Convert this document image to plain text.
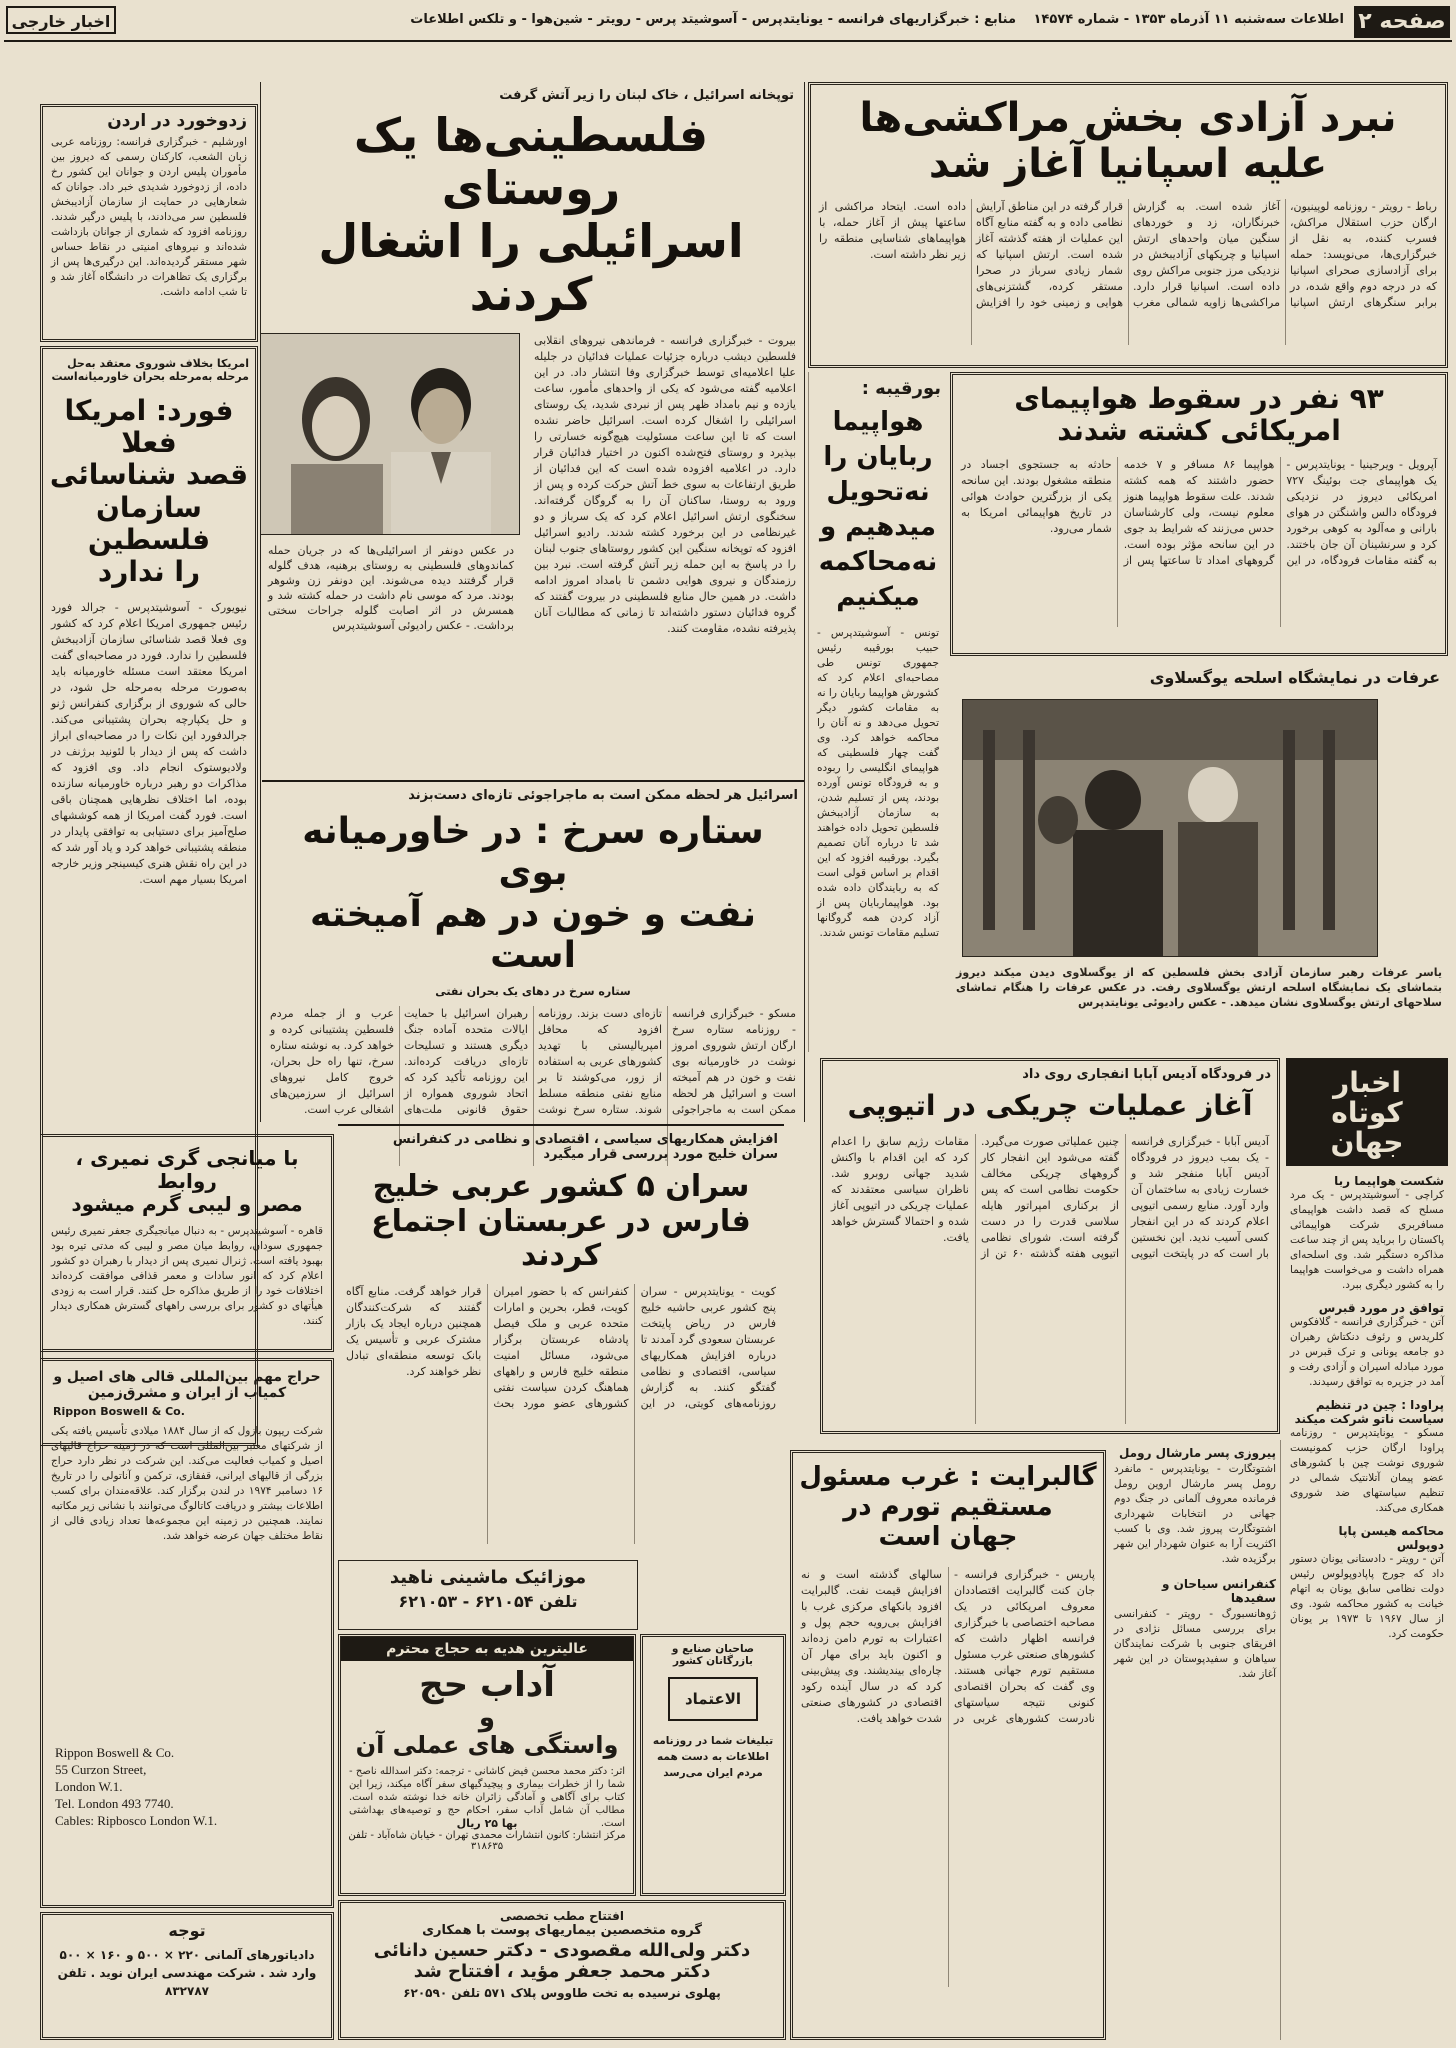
صفحه ۲
اطلاعات سه‌شنبه ۱۱ آذرماه ۱۳۵۳ - شماره ۱۴۵۷۴
منابع : خبرگزاریهای فرانسه - یونایتدپرس - آسوشیتد پرس - رویتر - شین‌هوا - و تلکس اطلاعات
اخبار خارجی
نبرد آزادی بخش مراکشی‌ها
علیه اسپانیا آغاز شد
رباط - رویتر - روزنامه لوپینیون، ارگان حزب استقلال مراکش، فسرب کننده، به نقل از خبرگزاری‌ها، می‌نویسد: حمله برای آزادسازی صحرای اسپانیا که در درجه دوم واقع شده، در برابر سنگرهای ارتش اسپانیا آغاز شده است. به گزارش خبرنگاران، زد و خوردهای سنگین میان واحدهای ارتش اسپانیا و چریکهای آزادیبخش در نزدیکی مرز جنوبی مراکش روی داده است. اسپانیا قرار دارد. مراکشی‌ها زاویه شمالی مغرب قرار گرفته در این مناطق آرایش نظامی داده و به گفته منابع آگاه این عملیات از هفته گذشته آغاز شده است. ارتش اسپانیا که شمار زیادی سرباز در صحرا مستقر کرده، گشتزنی‌های هوایی و زمینی خود را افزایش داده است. ایتحاد مراکشی از ساعتها پیش از آغاز حمله، با هواپیماهای شناسایی منطقه را زیر نظر داشته است.
توپخانه اسرائیل ، خاک لبنان را زیر آتش گرفت
فلسطینی‌ها یک روستای
اسرائیلی را اشغال کردند
بیروت - خبرگزاری فرانسه - فرماندهی نیروهای انقلابی فلسطین دیشب درباره جزئیات عملیات فدائیان در جلیله علیا اعلامیه‌ای توسط خبرگزاری وفا انتشار داد. در این اعلامیه گفته می‌شود که یکی از واحدهای مأمور، ساعت یازده و نیم بامداد ظهر پس از نبردی شدید، یک روستای اسرائیلی را اشغال کرده است. اسرائیل حاضر نشده است که تا این ساعت مسئولیت هیچ‌گونه خسارتی را بپذیرد و روستای فتح‌شده اکنون در اختیار فدائیان قرار دارد. در اعلامیه افزوده شده است که این فدائیان از طریق ارتفاعات به سوی خط آتش حرکت کرده و پس از ورود به روستا، ساکنان آن را به گروگان گرفته‌اند. سخنگوی ارتش اسرائیل اعلام کرد که یک سرباز و دو غیرنظامی در این برخورد کشته شدند. رادیو اسرائیل افزود که توپخانه سنگین این کشور روستاهای جنوب لبنان را در پاسخ به این حمله زیر آتش گرفته است. نبرد بین رزمندگان و نیروی هوایی دشمن تا بامداد امروز ادامه داشت. در همین حال منابع فلسطینی در بیروت گفتند که گروه فدائیان دستور داشته‌اند تا زمانی که مطالبات آنان پذیرفته نشده، مقاومت کنند.
در عکس دونفر از اسرائیلی‌ها که در جریان حمله کماندوهای فلسطینی به روستای برهنیه، هدف گلوله قرار گرفتند دیده می‌شوند. این دونفر زن وشوهر بودند. مرد که موسی نام داشت در حمله کشته شد و همسرش در اثر اصابت گلوله جراحات سختی برداشت. - عکس رادیوئی آسوشیتدپرس
زدوخورد در اردن
اورشلیم - خبرگزاری فرانسه: روزنامه عربی زبان الشعب، کارکنان رسمی که دیروز بین مأموران پلیس اردن و جوانان این کشور رخ داده، از زدوخورد شدیدی خبر داد. جوانان که شعارهایی در حمایت از سازمان آزادیبخش فلسطین سر می‌دادند، با پلیس درگیر شدند. روزنامه افزود که شماری از جوانان بازداشت شده‌اند و نیروهای امنیتی در نقاط حساس شهر مستقر گردیده‌اند. این درگیری‌ها پس از برگزاری یک تظاهرات در دانشگاه آغاز شد و تا شب ادامه داشت.
امریکا بخلاف شوروی معتقد به‌حل
مرحله به‌مرحله بحران خاورمیانه‌است
فورد: امریکا فعلا
قصد شناسائی
سازمان فلسطین
را ندارد
نیویورک - آسوشیتدپرس - جرالد فورد رئیس جمهوری امریکا اعلام کرد که کشور وی فعلا قصد شناسائی سازمان آزادیبخش فلسطین را ندارد. فورد در مصاحبه‌ای گفت امریکا معتقد است مسئله خاورمیانه باید به‌صورت مرحله به‌مرحله حل شود، در حالی که شوروی از برگزاری کنفرانس ژنو و حل یکپارچه بحران پشتیبانی می‌کند. جرالدفورد این نکات را در مصاحبه‌ای ابراز داشت که پس از دیدار با لئونید برژنف در ولادیوستوک انجام داد. وی افزود که مذاکرات دو رهبر درباره خاورمیانه سازنده بوده، اما اختلاف نظرهایی همچنان باقی است. فورد گفت امریکا از همه کوششهای صلح‌آمیز برای دستیابی به توافقی پایدار در منطقه پشتیبانی خواهد کرد و یاد آور شد که در این راه نقش هنری کیسینجر وزیر خارجه امریکا بسیار مهم است.
بورقیبه :
هواپیما ربایان را نه‌تحویل میدهیم و نه‌محاکمه میکنیم
تونس - آسوشیتدپرس - حبیب بورقیبه رئیس جمهوری تونس طی مصاحبه‌ای اعلام کرد که کشورش هواپیما ربایان را نه به مقامات کشور دیگر تحویل می‌دهد و نه آنان را محاکمه خواهد کرد. وی گفت چهار فلسطینی که هواپیمای انگلیسی را ربوده و به فرودگاه تونس آورده بودند، پس از تسلیم شدن، به سازمان آزادیبخش فلسطین تحویل داده خواهند شد تا درباره آنان تصمیم بگیرد. بورقیبه افزود که این اقدام بر اساس قولی است که به ربایندگان داده شده بود. هواپیماربایان پس از آزاد کردن همه گروگانها تسلیم مقامات تونس شدند.
۹۳ نفر در سقوط هواپیمای
امریکائی کشته شدند
آپرویل - ویرجینیا - یونایتدپرس - یک هواپیمای جت بوئینگ ۷۲۷ امریکائی دیروز در نزدیکی فرودگاه دالس واشنگتن در هوای بارانی و مه‌آلود به کوهی برخورد کرد و سرنشینان آن جان باختند. به گفته مقامات فرودگاه، در این هواپیما ۸۶ مسافر و ۷ خدمه حضور داشتند که همه کشته شدند. علت سقوط هواپیما هنوز معلوم نیست، ولی کارشناسان حدس می‌زنند که شرایط بد جوی در این سانحه مؤثر بوده است. گروههای امداد تا ساعتها پس از حادثه به جستجوی اجساد در منطقه مشغول بودند. این سانحه یکی از بزرگترین حوادث هوائی در تاریخ هواپیمائی امریکا به شمار می‌رود.
عرفات در نمایشگاه اسلحه یوگسلاوی
یاسر عرفات رهبر سازمان آزادی بخش فلسطین که از یوگسلاوی دیدن میکند دیروز بتماشای یک نمایشگاه اسلحه ارتش یوگسلاوی رفت. در عکس عرفات را هنگام تماشای سلاحهای ارتش یوگسلاوی نشان میدهد. - عکس رادیوئی یونایتدپرس
اسرائیل هر لحظه ممکن است به ماجراجوئی تازه‌ای دست‌بزند
ستاره سرخ : در خاورمیانه بوی
نفت و خون در هم آمیخته است
ستاره سرخ در دهای یک بحران نفتی
مسکو - خبرگزاری فرانسه - روزنامه ستاره سرخ ارگان ارتش شوروی امروز نوشت در خاورمیانه بوی نفت و خون در هم آمیخته است و اسرائیل هر لحظه ممکن است به ماجراجوئی تازه‌ای دست بزند. روزنامه افزود که محافل امپریالیستی با تهدید کشورهای عربی به استفاده از زور، می‌کوشند تا بر منابع نفتی منطقه مسلط شوند. ستاره سرخ نوشت رهبران اسرائیل با حمایت ایالات متحده آماده جنگ دیگری هستند و تسلیحات تازه‌ای دریافت کرده‌اند. این روزنامه تأکید کرد که اتحاد شوروی همواره از حقوق قانونی ملت‌های عرب و از جمله مردم فلسطین پشتیبانی کرده و خواهد کرد. به نوشته ستاره سرخ، تنها راه حل بحران، خروج کامل نیروهای اسرائیل از سرزمین‌های اشغالی عرب است.
در فرودگاه آدیس آبابا انفجاری روی داد
آغاز عملیات چریکی در اتیوپی
آدیس آبابا - خبرگزاری فرانسه - یک بمب دیروز در فرودگاه آدیس آبابا منفجر شد و خسارت زیادی به ساختمان آن وارد آورد. منابع رسمی اتیوپی اعلام کردند که در این انفجار کسی آسیب ندید. این نخستین بار است که در پایتخت اتیوپی چنین عملیاتی صورت می‌گیرد. گفته می‌شود این انفجار کار گروههای چریکی مخالف حکومت نظامی است که پس از برکناری امپراتور هایله سلاسی قدرت را در دست گرفته است. شورای نظامی اتیوپی هفته گذشته ۶۰ تن از مقامات رژیم سابق را اعدام کرد که این اقدام با واکنش شدید جهانی روبرو شد. ناظران سیاسی معتقدند که عملیات چریکی در اتیوپی آغاز شده و احتمالا گسترش خواهد یافت.
اخبار
کوتاه
جهان
شکست هواپیما ربا
کراچی - آسوشیتدپرس - یک مرد مسلح که قصد داشت هواپیمای مسافربری شرکت هواپیمائی پاکستان را برباید پس از چند ساعت مذاکره دستگیر شد. وی اسلحه‌ای همراه داشت و می‌خواست هواپیما را به کشور دیگری ببرد.
توافق در مورد قبرس
آتن - خبرگزاری فرانسه - گلافکوس کلریدس و رئوف دنکتاش رهبران دو جامعه یونانی و ترک قبرس در مورد مبادله اسیران و آزادی رفت و آمد در جزیره به توافق رسیدند.
پراودا : چین در تنظیم سیاست ناتو شرکت میکند
مسکو - یونایتدپرس - روزنامه پراودا ارگان حزب کمونیست شوروی نوشت چین با کشورهای عضو پیمان آتلانتیک شمالی در تنظیم سیاستهای ضد شوروی همکاری می‌کند.
محاکمه هیسن پاپا دوپولس
آتن - رویتر - دادستانی یونان دستور داد که جورج پاپادوپولوس رئیس دولت نظامی سابق یونان به اتهام خیانت به کشور محاکمه شود. وی از سال ۱۹۶۷ تا ۱۹۷۳ بر یونان حکومت کرد.
پیروزی پسر مارشال رومل
اشتوتگارت - یونایتدپرس - مانفرد رومل پسر مارشال اروین رومل فرمانده معروف آلمانی در جنگ دوم جهانی در انتخابات شهرداری اشتوتگارت پیروز شد. وی با کسب اکثریت آرا به عنوان شهردار این شهر برگزیده شد.
کنفرانس سیاحان و سفیدها
ژوهانسبورگ - رویتر - کنفرانسی برای بررسی مسائل نژادی در افریقای جنوبی با شرکت نمایندگان سیاهان و سفیدپوستان در این شهر آغاز شد.
گالبرایت : غرب مسئول
مستقیم تورم در
جهان است
پاریس - خبرگزاری فرانسه - جان کنت گالبرایت اقتصاددان معروف امریکائی در یک مصاحبه اختصاصی با خبرگزاری فرانسه اظهار داشت که کشورهای صنعتی غرب مسئول مستقیم تورم جهانی هستند. وی گفت که بحران اقتصادی کنونی نتیجه سیاستهای نادرست کشورهای غربی در سالهای گذشته است و نه افزایش قیمت نفت. گالبرایت افزود بانکهای مرکزی غرب با افزایش بی‌رویه حجم پول و اعتبارات به تورم دامن زده‌اند و اکنون باید برای مهار آن چاره‌ای بیندیشند. وی پیش‌بینی کرد که در سال آینده رکود اقتصادی در کشورهای صنعتی شدت خواهد یافت.
با میانجی گری نمیری ، روابط
مصر و لیبی گرم میشود
قاهره - آسوشیتدپرس - به دنبال میانجیگری جعفر نمیری رئیس جمهوری سودان، روابط میان مصر و لیبی که مدتی تیره بود بهبود یافته است. ژنرال نمیری پس از دیدار با رهبران دو کشور اعلام کرد که انور سادات و معمر قذافی موافقت کرده‌اند اختلافات خود را از طریق مذاکره حل کنند. قرار است به زودی هیأتهای دو کشور برای بررسی راههای گسترش همکاری دیدار کنند.
افزایش همکاریهای سیاسی ، اقتصادی و نظامی در کنفرانس
سران خلیج مورد بررسی قرار میگیرد
سران ۵ کشور عربی خلیج
فارس در عربستان اجتماع کردند
کویت - یونایتدپرس - سران پنج کشور عربی حاشیه خلیج فارس در ریاض پایتخت عربستان سعودی گرد آمدند تا درباره افزایش همکاریهای سیاسی، اقتصادی و نظامی گفتگو کنند. به گزارش روزنامه‌های کویتی، در این کنفرانس که با حضور امیران کویت، قطر، بحرین و امارات متحده عربی و ملک فیصل پادشاه عربستان برگزار می‌شود، مسائل امنیت منطقه خلیج فارس و راههای هماهنگ کردن سیاست نفتی کشورهای عضو مورد بحث قرار خواهد گرفت. منابع آگاه گفتند که شرکت‌کنندگان همچنین درباره ایجاد یک بازار مشترک عربی و تأسیس یک بانک توسعه منطقه‌ای تبادل نظر خواهند کرد.
موزائیک ماشینی ناهید
تلفن ۶۲۱۰۵۴ - ۶۲۱۰۵۳
عالیترین هدیه به حجاج محترم
آداب حج
و
واستگی های عملی آن
اثر: دکتر محمد محسن فیض کاشانی - ترجمه: دکتر اسدالله ناصح - شما را از خطرات بیماری و پیچیدگیهای سفر آگاه میکند، زیرا این کتاب برای آگاهی و آمادگی زائران خانه خدا نوشته شده است. مطالب آن شامل آداب سفر، احکام حج و توصیه‌های بهداشتی است.
بها ۲۵ ریال
مرکز انتشار: کانون انتشارات محمدی تهران - خیابان شاه‌آباد - تلفن ۳۱۸۶۳۵
حراج مهم بین‌المللی قالی های اصیل و کمیاب از ایران و مشرق‌زمین
Rippon Boswell & Co.
شرکت ریپون بازول که از سال ۱۸۸۴ میلادی تأسیس یافته یکی از شرکتهای معتبر بین‌المللی است که در زمینه حراج قالیهای اصیل و کمیاب فعالیت می‌کند. این شرکت در نظر دارد حراج بزرگی از قالیهای ایرانی، قفقازی، ترکمن و آناتولی را در تاریخ ۱۶ دسامبر ۱۹۷۴ در لندن برگزار کند. علاقه‌مندان برای کسب اطلاعات بیشتر و دریافت کاتالوگ می‌توانند با نشانی زیر مکاتبه نمایند. همچنین در زمینه این مجموعه‌ها تعداد زیادی قالی از نقاط مختلف جهان عرضه خواهد شد.
Rippon Boswell & Co.
55 Curzon Street,
London W.1.
Tel. London 493 7740.
Cables: Ripbosco London W.1.
توجه
دادیاتورهای آلمانی ۲۲۰ × ۵۰۰ و ۱۶۰ × ۵۰۰ وارد شد . شرکت مهندسی ایران نوید . تلفن ۸۳۲۷۸۷
صاحبان صنایع و بازرگانان کشور
الاعتماد
تبلیغات شما در روزنامه اطلاعات به دست همه مردم ایران می‌رسد
افتتاح مطب تخصصی
گروه متخصصین بیماریهای پوست با همکاری
دکتر ولی‌الله مقصودی - دکتر حسین دانائی
دکتر محمد جعفر مؤید ، افتتاح شد
پهلوی نرسیده به تخت طاووس پلاک ۵۷۱ تلفن ۶۲۰۵۹۰
